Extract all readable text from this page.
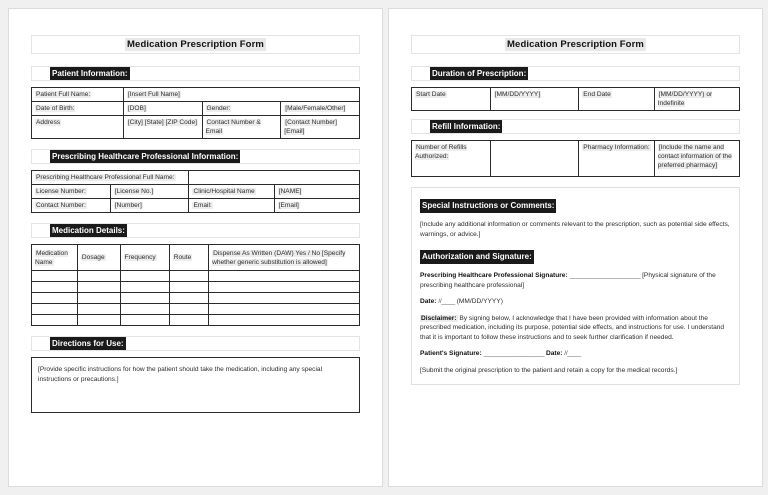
Medication Prescription Form
Patient Information:
Patient Full Name:	[Insert Full Name]		
Date of Birth:	[DOB]	Gender:	[Male/Female/Other]
Address	[City] [State] [ZIP Code]	Contact Number & Email	[Contact Number] [Email]
Prescribing Healthcare Professional Information:
Prescribing Healthcare Professional Full Name:			
License Number:	[License No.]	Clinic/Hospital Name	[NAME]
Contact Number:	[Number]	Email:	[Email]
Medication Details:
Medication Name	Dosage	Frequency	Route	Dispense As Written (DAW) Yes / No [Specify whether generic substitution is allowed]

Directions for Use:
[Provide specific instructions for how the patient should take the medication, including any special instructions or precautions.]
Medication Prescription Form
Duration of Prescription:
Start Date	[MM/DD/YYYY]	End Date	[MM/DD/YYYY) or Indefinite
Refill Information:
Number of Refills Authorized:		Pharmacy Information:	[Include the name and contact information of the preferred pharmacy]
Special Instructions or Comments:

[Include any additional information or comments relevant to the prescription, such as potential side effects, warnings, or advice.]

Authorization and Signature:

Prescribing Healthcare Professional Signature: _____________________ [Physical signature of the prescribing healthcare professional]

Date: //____ (MM/DD/YYYY)

Disclaimer: By signing below, I acknowledge that I have been provided with information about the prescribed medication, including its purpose, potential side effects, and instructions for use. I understand that it is important to follow these instructions and to seek further clarification if needed.

Patient's Signature: __________________ Date: //____

[Submit the original prescription to the patient and retain a copy for the medical records.]
